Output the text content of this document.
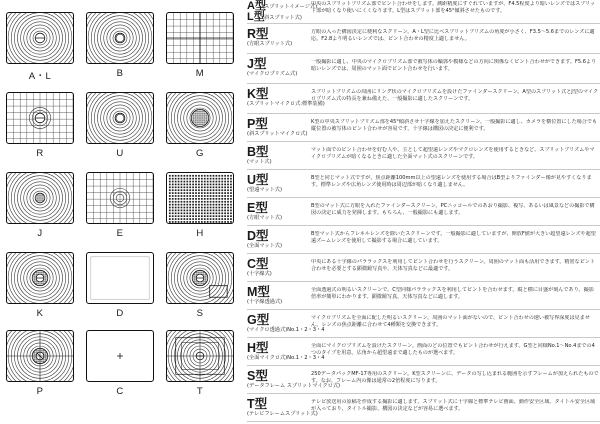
A・L	B	M
R	U	G
J	E	H
K	D	S
P	C	T
A型
L型
(スプリットイメージ式)
(斜スプリット式)
中央のスプリットプリズム部でピント合わせをします。測距精度にすぐれていますが、F4.5程度より暗いレンズではスプリット部が暗くなり使いにくくなります。L型はスプリット部を45°傾斜させたものです。
R型
(方眼スプリット式)
方眼の入った構図決定に便利なスクリーン。A・L型に比べスプリットプリズムの角度が小さく、F3.5〜5.6までのレンズに適応。F2.8より明るいレンズでは、ピント合わせの精度上適しません。
J型
(マイクロプリズム式)
一般撮影に適し、中央のマイクロプリズム部で被写体の輪郭や模様などの方向に関係なくピント合わせができます。F5.6より暗いレンズでは、周囲のマット面でピント合わせを行います。
K型
(スプリットマイクロ式:標準装備)
スプリットプリズムの周囲にリング状のマイクロプリズムを設けたファインダースクリーン。A型のスプリット式とJ型のマイクロプリズム式の特長を兼ね備えた、一般撮影に適したスクリーンです。
P型
(斜スプリットマイクロ式)
K型の中央スプリットプリズム部を45°傾斜させ十字線を加えたスクリーン。一般撮影に適し、カメラを横位置にした場合でも縦位置の被写体のピント合わせが容易です。十字線は構図の決定に便利です。
B型
(マット式)
マット面でのピント合わせを好む人や、主として超望遠レンズやマクロレンズを使用するときなど、スプリットプリズムやマイクロプリズムが暗くなるときに適した全面マット式のスクリーンです。
U型
(望遠マット式)
B型と同じマット式ですが、焦点距離100mm以上の望遠レンズを使用する場合はB型よりファインダー像が見やすくなります。標準レンズや広角レンズ使用時は周辺部が暗くなり適しません。
E型
(方眼マット式)
B型のマット式に方眼を入れたファインダースクリーン。PCニッコールでのあおり撮影、複写、あるいは風景などの撮影で構図の決定に威力を発揮します。もちろん、一般撮影にも適します。
D型
(全面マット式)
B型マット式からフレネルレンズを除いたスクリーンです。一般撮影に適していますが、開放F値が大きい超望遠レンズや超望遠ズームレンズを使用して撮影する場合に適しています。
C型
(十字線式)
中央にある十字線のパララックスを利用してピント合わせを行うスクリーン。周囲のマット面も活用できます。精密なピント合わせを必要とする顕微鏡写真や、天体写真などに最適です。
M型
(十字線透過式)
全面透過式の明るいスクリーンで、C型同様パララックスを利用してピントを合わせます。縦と横に目盛が刻んであり、撮影倍率が簡単にわかります。顕微鏡写真、天体写真などに適します。
G型
(マイクロ透過式)No.1・2・3・4
マイクロプリズムを全面に配した明るいスクリーン。周囲のマット面がないので、ピント合わせの速い被写界深度は見ません。レンズの焦点距離に合わせて4種類を交換できます。
H型
(全面マイクロ式)No.1・2・3・4
全面にマイクロプリズムを設けたスクリーン。画面のどの位置でもピント合わせが行えます。G型と同様No.1〜No.4までの4つのタイプを用意。広角から超望遠まで適したものが選べます。
S型
(データフレーム スプリットマイクロ式)
250データパックMF-17専用のスクリーン。K型スクリーンに、データの写し込まれる範囲を示すフレームが加えられたものです。なお、フレーム内の像は通常の2倍程度に写ります。
T型
(テレビフレームスプリット式)
テレビ放送用の原稿を作成する撮影に適します。スプリット式に十字線と標準テレビ画面、動作安全区域、タイトル安全区域が入っており、タイトル撮影、構図の決定などが容易に選べます。
